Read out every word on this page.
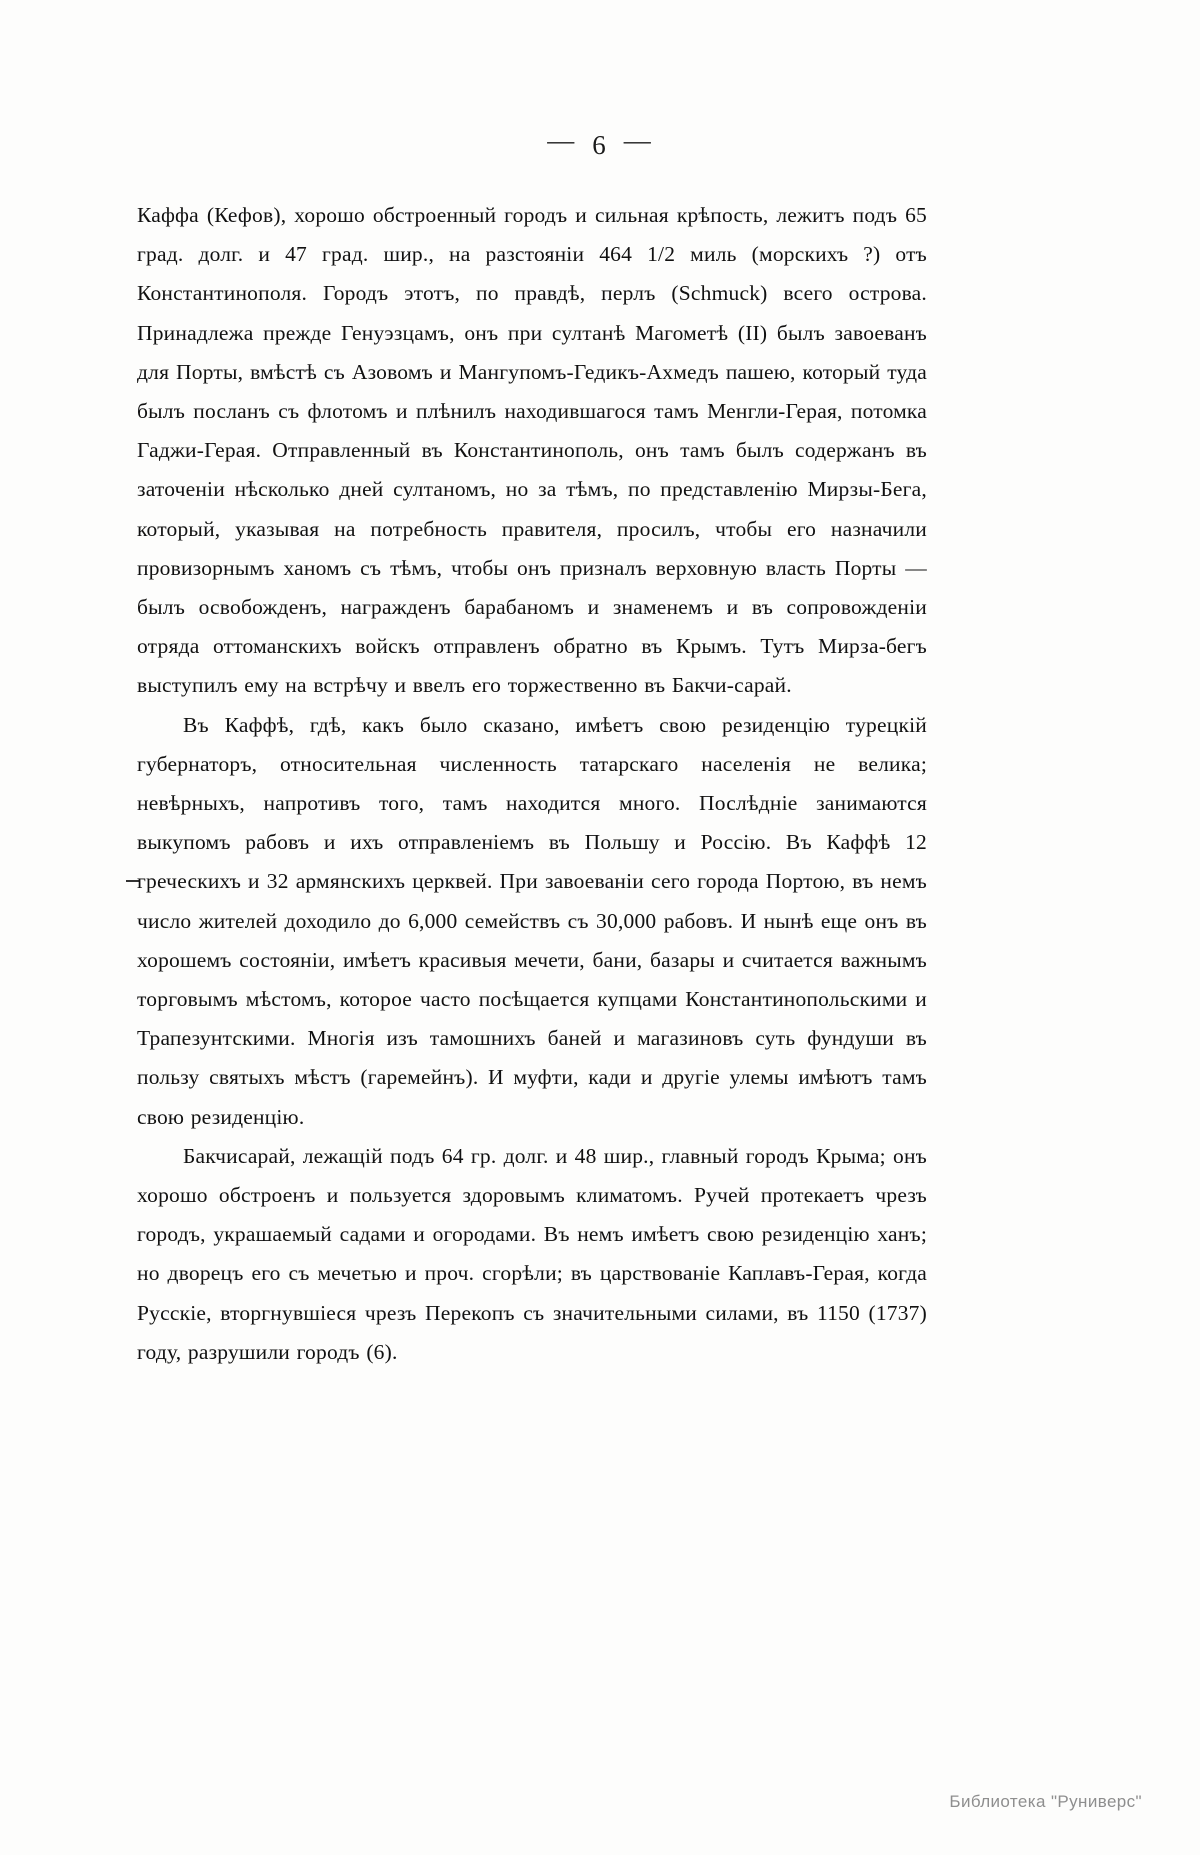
— 6 —

Каффа (Кефов), хорошо обстроенный городъ и сильная крѣпость, лежитъ подъ 65 град. долг. и 47 град. шир., на разстоянiи 464 1/2 миль (морскихъ ?) отъ Константинополя. Городъ этотъ, по правдѣ, перлъ (Schmuck) всего острова. Принадлежа прежде Генуэзцамъ, онъ при султанѣ Магометѣ (II) былъ завоеванъ для Порты, вмѣстѣ съ Азовомъ и Мангупомъ-Гедикъ-Ахмедъ пашею, который туда былъ посланъ съ флотомъ и плѣнилъ находившагося тамъ Менгли-Герая, потомка Гаджи-Герая. Отправленный въ Константинополь, онъ тамъ былъ содержанъ въ заточенiи нѣсколько дней султаномъ, но за тѣмъ, по представленiю Мирзы-Бега, который, указывая на потребность правителя, просилъ, чтобы его назначили провизорнымъ ханомъ съ тѣмъ, чтобы онъ призналъ верховную власть Порты — былъ освобожденъ, награжденъ барабаномъ и знаменемъ и въ сопровожденiи отряда оттоманскихъ войскъ отправленъ обратно въ Крымъ. Тутъ Мирза-бегъ выступилъ ему на встрѣчу и ввелъ его торжественно въ Бакчи-сарай.

Въ Каффѣ, гдѣ, какъ было сказано, имѣетъ свою резиденцiю турецкiй губернаторъ, относительная численность татарскаго населенiя не велика; невѣрныхъ, напротивъ того, тамъ находится много. Послѣднiе занимаются выкупомъ рабовъ и ихъ отправленiемъ въ Польшу и Россiю. Въ Каффѣ 12 греческихъ и 32 армянскихъ церквей. При завоеванiи сего города Портою, въ немъ число жителей доходило до 6,000 семействъ съ 30,000 рабовъ. И нынѣ еще онъ въ хорошемъ состоянiи, имѣетъ красивыя мечети, бани, базары и считается важнымъ торговымъ мѣстомъ, которое часто посѣщается купцами Константинопольскими и Трапезунтскими. Многiя изъ тамошнихъ баней и магазиновъ суть фундуши въ пользу святыхъ мѣстъ (гаремейнъ). И муфти, кади и другiе улемы имѣютъ тамъ свою резиденцiю.

Бакчисарай, лежащiй подъ 64 гр. долг. и 48 шир., главный городъ Крыма; онъ хорошо обстроенъ и пользуется здоровымъ климатомъ. Ручей протекаетъ чрезъ городъ, украшаемый садами и огородами. Въ немъ имѣетъ свою резиденцiю ханъ; но дворецъ его съ мечетью и проч. сгорѣли; въ царствованiе Каплавъ-Герая, когда Русскiе, вторгнувшiеся чрезъ Перекопъ съ значительными силами, въ 1150 (1737) году, разрушили городъ (6).

Библиотека "Руниверс"
